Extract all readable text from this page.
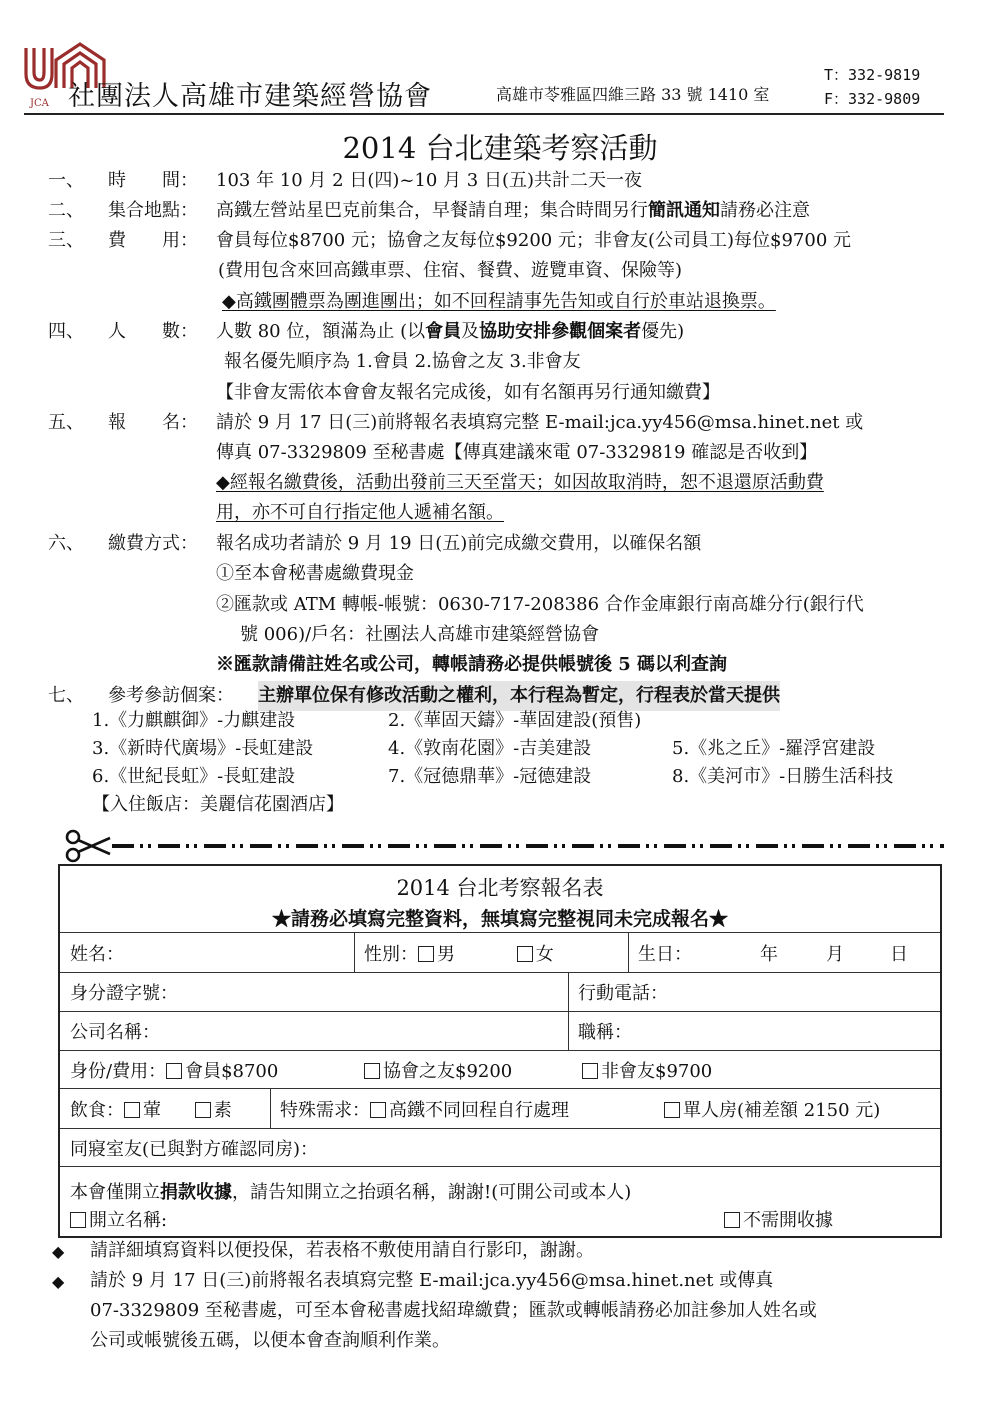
JCA 社團法人高雄市建築經營協會	高雄市苓雅區四維三路 33 號 1410 室
T：332-9819
F：332-9809
2014 台北建築考察活動
一、 時　　間：	103 年 10 月 2 日(四)~10 月 3 日(五)共計二天一夜
二、 集合地點：	高鐵左營站星巴克前集合，早餐請自理；集合時間另行簡訊通知請務必注意
三、 費　　用：	會員每位$8700 元；協會之友每位$9200 元；非會友(公司員工)每位$9700 元
(費用包含來回高鐵車票、住宿、餐費、遊覽車資、保險等)
◆高鐵團體票為團進團出；如不回程請事先告知或自行於車站退換票。
四、 人　　數：	人數 80 位，額滿為止 (以會員及協助安排參觀個案者優先)
報名優先順序為 1.會員 2.協會之友 3.非會友
【非會友需依本會會友報名完成後，如有名額再另行通知繳費】
五、 報　　名：	請於 9 月 17 日(三)前將報名表填寫完整 E-mail:jca.yy456@msa.hinet.net 或
傳真 07-3329809 至秘書處【傳真建議來電 07-3329819 確認是否收到】
◆經報名繳費後，活動出發前三天至當天；如因故取消時，恕不退還原活動費
用，亦不可自行指定他人遞補名額。
六、 繳費方式：	報名成功者請於 9 月 19 日(五)前完成繳交費用，以確保名額
①至本會秘書處繳費現金
②匯款或 ATM 轉帳-帳號：0630-717-208386 合作金庫銀行南高雄分行(銀行代
號 006)/戶名：社團法人高雄市建築經營協會
※匯款請備註姓名或公司，轉帳請務必提供帳號後 5 碼以利查詢
七、 參考參訪個案：	主辦單位保有修改活動之權利，本行程為暫定，行程表於當天提供
1.《力麒麒御》-力麒建設	2.《華固天鑄》-華固建設(預售)
3.《新時代廣場》-長虹建設	4.《敦南花園》-吉美建設	5.《兆之丘》-羅浮宮建設
6.《世紀長虹》-長虹建設	7.《冠德鼎華》-冠德建設	8.《美河市》-日勝生活科技
【入住飯店：美麗信花園酒店】
2014 台北考察報名表
★請務必填寫完整資料，無填寫完整視同未完成報名★
姓名：	性別： 男	女	生日：	年	月	日
身分證字號：	行動電話：
公司名稱：	職稱：
身份/費用： 會員$8700	協會之友$9200	非會友$9700
飲食： 葷	素	特殊需求： 高鐵不同回程自行處理	單人房(補差額 2150 元)
同寢室友(已與對方確認同房)：
本會僅開立捐款收據，請告知開立之抬頭名稱，謝謝!(可開公司或本人)
開立名稱:	不需開收據
◆ 請詳細填寫資料以便投保，若表格不敷使用請自行影印，謝謝。
◆ 請於 9 月 17 日(三)前將報名表填寫完整 E-mail:jca.yy456@msa.hinet.net 或傳真
07-3329809 至秘書處，可至本會秘書處找紹瑋繳費；匯款或轉帳請務必加註參加人姓名或
公司或帳號後五碼，以便本會查詢順利作業。
